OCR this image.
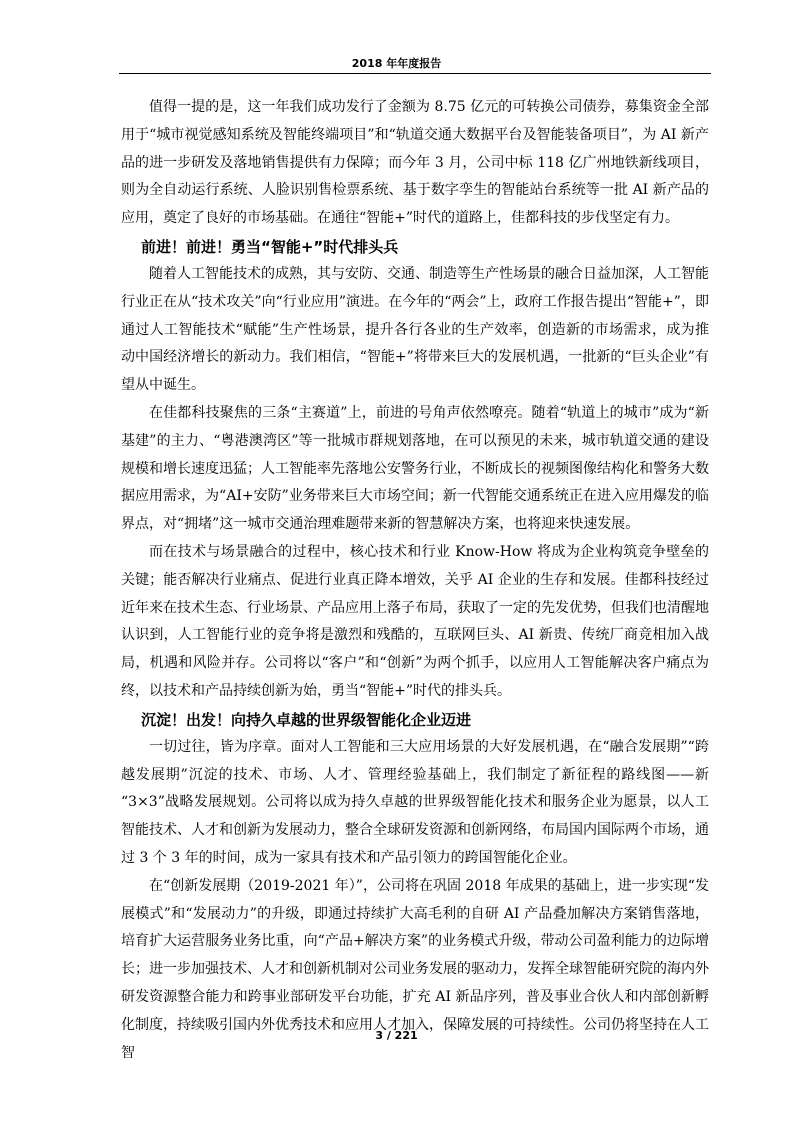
2018 年年度报告

值得一提的是，这一年我们成功发行了金额为 8.75 亿元的可转换公司债券，募集资金全部用于“城市视觉感知系统及智能终端项目”和“轨道交通大数据平台及智能装备项目”，为 AI 新产品的进一步研发及落地销售提供有力保障；而今年 3 月，公司中标 118 亿广州地铁新线项目，则为全自动运行系统、人脸识别售检票系统、基于数字孪生的智能站台系统等一批 AI 新产品的应用，奠定了良好的市场基础。在通往“智能+”时代的道路上，佳都科技的步伐坚定有力。

前进！前进！勇当“智能+”时代排头兵

随着人工智能技术的成熟，其与安防、交通、制造等生产性场景的融合日益加深，人工智能行业正在从“技术攻关”向“行业应用”演进。在今年的“两会”上，政府工作报告提出“智能+”，即通过人工智能技术“赋能”生产性场景，提升各行各业的生产效率，创造新的市场需求，成为推动中国经济增长的新动力。我们相信，“智能+”将带来巨大的发展机遇，一批新的“巨头企业”有望从中诞生。

在佳都科技聚焦的三条“主赛道”上，前进的号角声依然嘹亮。随着“轨道上的城市”成为“新基建”的主力、“粤港澳湾区”等一批城市群规划落地，在可以预见的未来，城市轨道交通的建设规模和增长速度迅猛；人工智能率先落地公安警务行业，不断成长的视频图像结构化和警务大数据应用需求，为“AI+安防”业务带来巨大市场空间；新一代智能交通系统正在进入应用爆发的临界点，对“拥堵”这一城市交通治理难题带来新的智慧解决方案，也将迎来快速发展。

而在技术与场景融合的过程中，核心技术和行业 Know-How 将成为企业构筑竞争壁垒的关键；能否解决行业痛点、促进行业真正降本增效，关乎 AI 企业的生存和发展。佳都科技经过近年来在技术生态、行业场景、产品应用上落子布局，获取了一定的先发优势，但我们也清醒地认识到，人工智能行业的竞争将是激烈和残酷的，互联网巨头、AI 新贵、传统厂商竞相加入战局，机遇和风险并存。公司将以“客户”和“创新”为两个抓手，以应用人工智能解决客户痛点为终，以技术和产品持续创新为始，勇当“智能+”时代的排头兵。

沉淀！出发！向持久卓越的世界级智能化企业迈进

一切过往，皆为序章。面对人工智能和三大应用场景的大好发展机遇，在“融合发展期”“跨越发展期”沉淀的技术、市场、人才、管理经验基础上，我们制定了新征程的路线图——新 “3×3”战略发展规划。公司将以成为持久卓越的世界级智能化技术和服务企业为愿景，以人工智能技术、人才和创新为发展动力，整合全球研发资源和创新网络，布局国内国际两个市场，通过 3 个 3 年的时间，成为一家具有技术和产品引领力的跨国智能化企业。

在“创新发展期（2019-2021 年）”，公司将在巩固 2018 年成果的基础上，进一步实现“发展模式”和“发展动力”的升级，即通过持续扩大高毛利的自研 AI 产品叠加解决方案销售落地，培育扩大运营服务业务比重，向“产品+解决方案”的业务模式升级，带动公司盈利能力的边际增长；进一步加强技术、人才和创新机制对公司业务发展的驱动力，发挥全球智能研究院的海内外研发资源整合能力和跨事业部研发平台功能，扩充 AI 新品序列，普及事业合伙人和内部创新孵化制度，持续吸引国内外优秀技术和应用人才加入，保障发展的可持续性。公司仍将坚持在人工智

3 / 221
